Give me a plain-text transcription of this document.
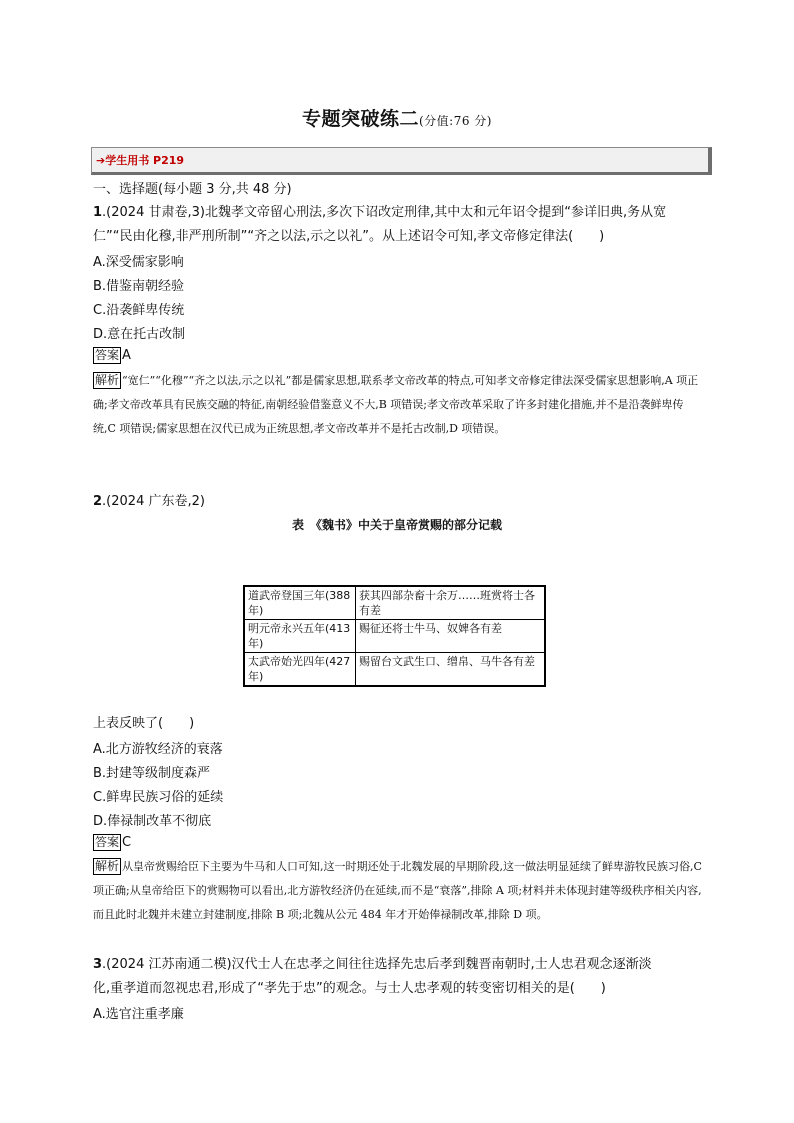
专题突破练二(分值:76 分)
➔学生用书 P219
一、选择题(每小题 3 分,共 48 分)
1.(2024 甘肃卷,3)北魏孝文帝留心刑法,多次下诏改定刑律,其中太和元年诏令提到“参详旧典,务从宽
仁”“民由化穆,非严刑所制”“齐之以法,示之以礼”。从上述诏令可知,孝文帝修定律法(　　)
A.深受儒家影响
B.借鉴南朝经验
C.沿袭鲜卑传统
D.意在托古改制
答案 A
解析 “宽仁”“化穆”“齐之以法,示之以礼”都是儒家思想,联系孝文帝改革的特点,可知孝文帝修定律法深受儒家思想影响,A 项正确;孝文帝改革具有民族交融的特征,南朝经验借鉴意义不大,B 项错误;孝文帝改革采取了许多封建化措施,并不是沿袭鲜卑传统,C 项错误;儒家思想在汉代已成为正统思想,孝文帝改革并不是托古改制,D 项错误。
2.(2024 广东卷,2)
表　《魏书》中关于皇帝赏赐的部分记载
道武帝登国三年(388 年)	获其四部杂畜十余万……班赏将士各有差
明元帝永兴五年(413 年)	赐征还将士牛马、奴婢各有差
太武帝始光四年(427 年)	赐留台文武生口、缯帛、马牛各有差
上表反映了(　　)
A.北方游牧经济的衰落
B.封建等级制度森严
C.鲜卑民族习俗的延续
D.俸禄制改革不彻底
答案 C
解析 从皇帝赏赐给臣下主要为牛马和人口可知,这一时期还处于北魏发展的早期阶段,这一做法明显延续了鲜卑游牧民族习俗,C 项正确;从皇帝给臣下的赏赐物可以看出,北方游牧经济仍在延续,而不是“衰落”,排除 A 项;材料并未体现封建等级秩序相关内容,而且此时北魏并未建立封建制度,排除 B 项;北魏从公元 484 年才开始俸禄制改革,排除 D 项。
3.(2024 江苏南通二模)汉代士人在忠孝之间往往选择先忠后孝到魏晋南朝时,士人忠君观念逐渐淡
化,重孝道而忽视忠君,形成了“孝先于忠”的观念。与士人忠孝观的转变密切相关的是(　　)
A.选官注重孝廉
